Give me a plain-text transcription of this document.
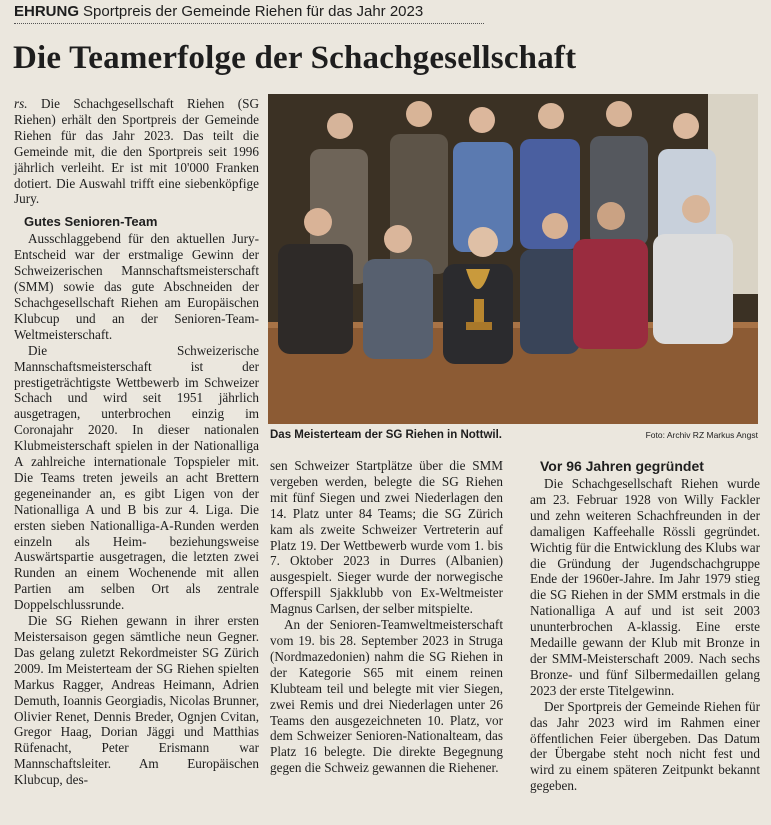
EHRUNG Sportpreis der Gemeinde Riehen für das Jahr 2023
Die Teamerfolge der Schachgesellschaft

rs. Die Schachgesellschaft Riehen (SG Riehen) erhält den Sportpreis der Gemeinde Riehen für das Jahr 2023. Das teilt die Gemeinde mit, die den Sportpreis seit 1996 jährlich verleiht. Er ist mit 10'000 Franken dotiert. Die Auswahl trifft eine siebenköpfige Jury.

Gutes Senioren-Team

Ausschlaggebend für den aktuellen Jury-Entscheid war der erstmalige Gewinn der Schweizerischen Mannschaftsmeisterschaft (SMM) sowie das gute Abschneiden der Schachgesellschaft Riehen am Europäischen Klubcup und an der Senioren-Team-Weltmeisterschaft.

Die Schweizerische Mannschaftsmeisterschaft ist der prestigeträchtigste Wettbewerb im Schweizer Schach und wird seit 1951 jährlich ausgetragen, unterbrochen einzig im Coronajahr 2020. In dieser nationalen Klubmeisterschaft spielen in der Nationalliga A zahlreiche internationale Topspieler mit. Die Teams treten jeweils an acht Brettern gegeneinander an, es gibt Ligen von der Nationalliga A und B bis zur 4. Liga. Die ersten sieben Nationalliga-A-Runden werden einzeln als Heim- beziehungsweise Auswärtspartie ausgetragen, die letzten zwei Runden an einem Wochenende mit allen Partien am selben Ort als zentrale Doppelschlussrunde.

Die SG Riehen gewann in ihrer ersten Meistersaison gegen sämtliche neun Gegner. Das gelang zuletzt Rekordmeister SG Zürich 2009. Im Meisterteam der SG Riehen spielten Markus Ragger, Andreas Heimann, Adrien Demuth, Ioannis Georgiadis, Nicolas Brunner, Olivier Renet, Dennis Breder, Ognjen Cvitan, Gregor Haag, Dorian Jäggi und Matthias Rüfenacht, Peter Erismann war Mannschaftsleiter. Am Europäischen Klubcup, des-

Das Meisterteam der SG Riehen in Nottwil.	Foto: Archiv RZ Markus Angst

sen Schweizer Startplätze über die SMM vergeben werden, belegte die SG Riehen mit fünf Siegen und zwei Niederlagen den 14. Platz unter 84 Teams; die SG Zürich kam als zweite Schweizer Vertreterin auf Platz 19. Der Wettbewerb wurde vom 1. bis 7. Oktober 2023 in Durres (Albanien) ausgespielt. Sieger wurde der norwegische Offerspill Sjakklubb von Ex-Weltmeister Magnus Carlsen, der selber mitspielte.

An der Senioren-Teamweltmeisterschaft vom 19. bis 28. September 2023 in Struga (Nordmazedonien) nahm die SG Riehen in der Kategorie S65 mit einem reinen Klubteam teil und belegte mit vier Siegen, zwei Remis und drei Niederlagen unter 26 Teams den ausgezeichneten 10. Platz, vor dem Schweizer Senioren-Nationalteam, das Platz 16 belegte. Die direkte Begegnung gegen die Schweiz gewannen die Riehener.

Vor 96 Jahren gegründet

Die Schachgesellschaft Riehen wurde am 23. Februar 1928 von Willy Fackler und zehn weiteren Schachfreunden in der damaligen Kaffeehalle Rössli gegründet. Wichtig für die Entwicklung des Klubs war die Gründung der Jugendschachgruppe Ende der 1960er-Jahre. Im Jahr 1979 stieg die SG Riehen in der SMM erstmals in die Nationalliga A auf und ist seit 2003 ununterbrochen A-klassig. Eine erste Medaille gewann der Klub mit Bronze in der SMM-Meisterschaft 2009. Nach sechs Bronze- und fünf Silbermedaillen gelang 2023 der erste Titelgewinn.

Der Sportpreis der Gemeinde Riehen für das Jahr 2023 wird im Rahmen einer öffentlichen Feier übergeben. Das Datum der Übergabe steht noch nicht fest und wird zu einem späteren Zeitpunkt bekannt gegeben.
